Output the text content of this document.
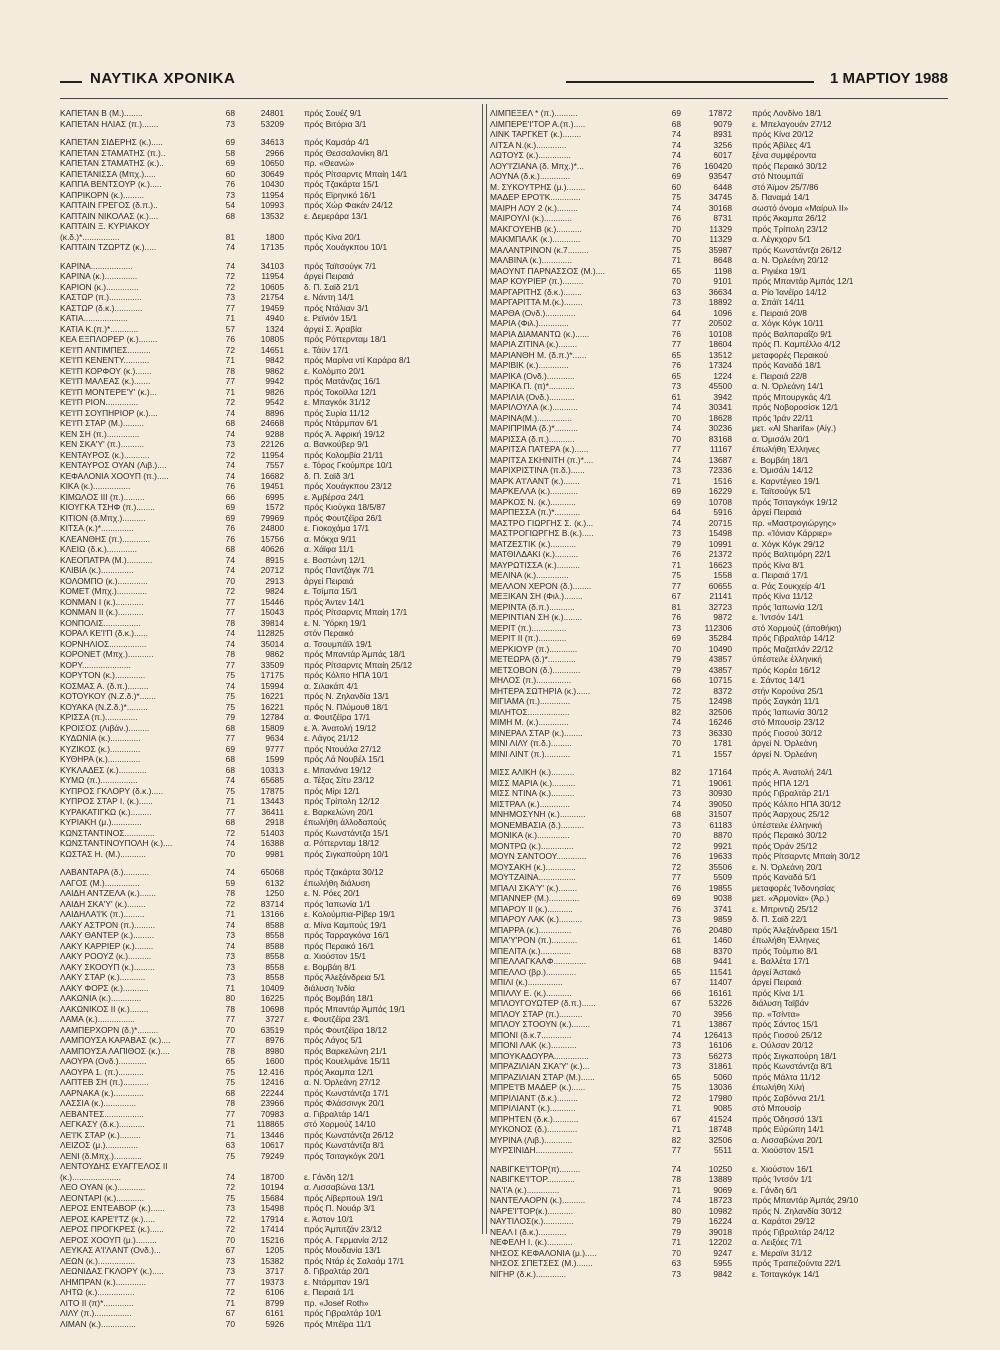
ΝΑΥΤΙΚΑ ΧΡΟΝΙΚΑ	1 ΜΑΡΤΙΟΥ 1988
ΚΑΠΕΤΑΝ Β (Μ.)........	68	24801	πρός Σουέζ 9/1
ΚΑΠΕΤΑΝ ΗΛΙΑΣ (π.).......	73	53209	πρός Βιτόρια 3/1
ΚΑΠΕΤΑΝ ΣΙΔΕΡΗΣ (κ.).....	69	34613	πρός Καμσάρ 4/1
ΚΑΠΕΤΑΝ ΣΤΑΜΑΤΗΣ (π.)..	58	2966	πρός Θεσσαλονίκη 8/1
ΚΑΠΕΤΑΝ ΣΤΑΜΑΤΗΣ (κ.)..	69	10650	πρ. «Θεανώ»
ΚΑΠΕΤΑΝΙΣΣΑ (Μπχ.).....	60	30649	πρός Ρίτσαρντς Μπαίη 14/1
ΚΑΠΠΑ ΒΕΝΤΣΟΥΡ (κ.).....	76	10430	πρός Τζακάρτα 15/1
ΚΑΠΡΙΚΟΡΝ (κ.).........	73	11954	πρός Εϊρηνικό 16/1
ΚΑΠΤΑΙΝ ΓΡΕΓΟΣ (δ.π.)..	54	10993	πρός Χώρ Φακάν 24/12
ΚΑΠΤΑΙΝ ΝΙΚΟΛΑΣ (κ.)....	68	13532	ε. Δεμεράρα 13/1
ΚΑΠΤΑΙΝ Ξ. ΚΥΡΙΑΚΟΥ
(κ.δ.)*................	81	1800	πρός Κίνα 20/1
ΚΑΠΤΑΙΝ ΤΖΩΡΤΖ (κ.).....	74	17135	πρός Χουάγκπου 10/1
ΚΑΡΙΝΑ..................	74	34103	πρός Ταϊτσούγκ 7/1
ΚΑΡΙΝΑ (κ.)..............	72	11954	άργεί Πειραιά
ΚΑΡΙΟΝ (κ.)..............	72	10605	δ. Π. Σαϊδ 21/1
ΚΑΣΤΩΡ (π.)..............	73	21754	ε. Νάντη 14/1
ΚΑΣΤΩΡ (δ.κ.)............	77	19459	πρός Ντάλιαν 3/1
ΚΑΤΙΑ...................	71	4940	ε. Ρεϊνιόν 15/1
ΚΑΤΙΑ Κ.(π.)*............	57	1324	άργεί Σ. Άραβία
ΚΕΑ ΕΞΠΛΟΡΕΡ (κ.)........	76	10805	πρός Ρόττερνταμ 18/1
ΚΕ'Ι'Π ΑΝΤΙΜΠΕΣ..........	72	14651	ε. Τάϋν 17/1
ΚΕ'Ι'Π ΚΕΝΕΝΤΥ...........	71	9842	πρός Μαρίνα ντί Καράρα 8/1
ΚΕ'Ι'Π ΚΟΡΦΟΥ (κ.).......	78	9862	ε. Κολόμπο 20/1
ΚΕ'Ι'Π ΜΑΛΕΑΣ (κ.).......	77	9942	πρός Ματάνζας 16/1
ΚΕ'Ι'Π ΜΟΝΤΕΡΕ'Υ' (κ.)...	71	9826	πρός Τοκοϊλλα 12/1
ΚΕ'Ι'Π ΡΙΟΝ..............	72	9542	ε. Μπαγκόκ 31/12
ΚΕ'Ι'Π ΣΟΥΠΗΡΙΟΡ (κ.)....	74	8896	πρός Συρία 11/12
ΚΕ'Ι'Π ΣΤΑΡ (Μ.).........	68	24668	πρός Ντάρμπαν 6/1
ΚΕΝ ΣΗ (π.)..............	74	9288	πρός Ά. Άφρική 19/12
ΚΕΝ ΣΚΑ'Υ' (π.)..........	73	22126	α. Βανκούβερ 9/1
ΚΕΝΤΑΥΡΟΣ (κ.)...........	72	11954	πρός Κολομβία 21/11
ΚΕΝΤΑΥΡΟΣ ΟΥΑΝ (Λιβ.)....	74	7557	ε. Τόρος Γκούμπρε 10/1
ΚΕΦΑΛΟΝΙΑ ΧΟΟΥΠ (π.).....	74	16682	δ. Π. Σαϊδ 3/1
ΚΙΚΑ (κ.)................	76	19451	πρός Χουάγκπου 23/12
ΚΙΜΩΛΟΣ ΙΙΙ (π.).........	66	6995	ε. Άμβέρσα 24/1
ΚΙΟΥΓΚΑ ΤΣΗΦ (π.)........	69	1572	πρός Κιούγκα 18/5/87
ΚΙΤΙΟΝ (δ.Μπχ.)..........	69	79969	πρός Φουτζέϊρα 26/1
ΚΙΤΣΑ (κ.)*..............	76	24800	ε. Γιοκοχάμα 17/1
ΚΛΕΑΝΘΗΣ (π.)............	76	15756	α. Μόκχα 9/11
ΚΛΕΙΩ (δ.κ.).............	68	40626	α. Χάϊφα 11/1
ΚΛΕΟΠΑΤΡΑ (Μ.)...........	74	8915	ε. Βοστώνη 12/1
ΚΛΙΒΙΑ (κ.)..............	74	20712	πρός Παντζάγκ 7/1
ΚΟΛΟΜΠΟ (κ.).............	70	2913	άργεί Πειραιά
ΚΟΜΕΤ (Μπχ.).............	72	9824	ε. Τσίμπα 15/1
ΚΟΝΜΑΝ Ι (κ.)............	77	15446	πρός Άντεν 14/1
ΚΟΝΜΑΝ ΙΙ (κ.)...........	77	15043	πρός Ρίτσαρντς Μπαίη 17/1
ΚΟΝΠΟΛΙΣ................	78	39814	ε. Ν. Ύόρκη 19/1
ΚΟΡΑΛ ΚΕ'Ι'Π (δ.κ.)......	74	112825	στόν Περαικό
ΚΟΡΝΗΛΙΟΣ................	74	35014	α. Τσουμπάϊλ 19/1
ΚΟΡΟΝΕΤ (Μπχ.)...........	78	9862	πρός Μπαντάρ Άμπάς 18/1
ΚΟΡΥ.....................	77	33509	πρός Ρίτσαρντς Μπαίη 25/12
ΚΟΡΥΤΟΝ (κ.).............	75	17175	πρός Κόλπο ΗΠΑ 10/1
ΚΟΣΜΑΣ Α. (δ.π.).........	74	15994	α. Σιλακάπ 4/1
ΚΟΤΟΥΚΟΥ (Ν.Ζ.δ.)*.......	75	16221	πρός Ν. Ζηλανδία 13/1
ΚΟΥΑΚΑ (Ν.Ζ.δ.)*.........	75	16221	πρός Ν. Πλύμουθ 18/1
ΚΡΙΣΣΑ (π.)..............	79	12784	α. Φουτζέϊρα 17/1
ΚΡΟΙΣΟΣ (Λιβάν.).........	68	15809	ε. Ά. Άνατολή 19/12
ΚΥΔΩΝΙΑ (κ.).............	77	9634	ε. Λάγος 21/12
ΚΥΖΙΚΟΣ (κ.).............	69	9777	πρός Ντουάλα 27/12
ΚΥΘΗΡΑ (κ.)..............	68	1599	πρός Λά Νουβέλ 15/1
ΚΥΚΛΑΔΕΣ (κ.)............	68	10313	ε. Μπανάνα 19/12
ΚΥΜΩ (π.)................	74	65685	α. Τέξας Σίτυ 23/12
ΚΥΠΡΟΣ ΓΚΛΟΡΥ (δ.κ.).....	75	17875	πρός Μίρι 12/1
ΚΥΠΡΟΣ ΣΤΑΡ Ι. (κ.)......	71	13443	πρός Τρίπολη 12/12
ΚΥΡΑΚΑΤΙΓΚΩ (κ.).........	77	36411	ε. Βαρκελώνη 20/1
ΚΥΡΙΑΚΗ (μ.).............	68	2918	έπωλήθη άλλοδαπούς
ΚΩΝΣΤΑΝΤΙΝΟΣ.............	72	51403	πρός Κωνστάντζα 15/1
ΚΩΝΣΤΑΝΤΙΝΟΥΠΟΛΗ (κ.)....	74	16388	α. Ρόττερνταμ 18/12
ΚΩΣΤΑΣ Η. (Μ.)...........	70	9981	πρός Σιγκαπούρη 10/1
ΛΑΒΑΝΤΑΡΑ (δ.)...........	74	65068	πρός Τζακάρτα 30/12
ΛΑΓΟΣ (Μ.)...............	59	6132	έπωλήθη διάλυση
ΛΑΙΔΗ ΑΝΤΖΕΛΑ (κ.).......	78	1250	ε. Ν. Ρόες 20/1
ΛΑΙΔΗ ΣΚΑ'Υ' (κ.)........	72	83714	πρός Ίαπωνία 1/1
ΛΑΙΔΗΛΑ'Ι'Κ (π.).........	71	13166	ε. Κολούμπια-Ρίβερ 19/1
ΛΑΚΥ ΑΣΤΡΟΝ (π.).........	74	8588	α. Μίνα Καμπούς 19/1
ΛΑΚΥ ΘΑΝΤΕΡ (κ.).........	73	8558	πρός Ταρραγκόνα 16/1
ΛΑΚΥ ΚΑΡΡΙΕΡ (κ.)........	74	8588	πρός Περαικό 16/1
ΛΑΚΥ ΡΟΟΥΖ (κ.)..........	73	8558	α. Χιούστον 15/1
ΛΑΚΥ ΣΚΟΟΥΠ (κ.).........	73	8558	ε. Βομβάη 8/1
ΛΑΚΥ ΣΤΑΡ (κ.)...........	73	8558	πρός Άλεξάνδρεια 5/1
ΛΑΚΥ ΦΟΡΣ (κ.)...........	71	10409	διάλυση Ίνδία
ΛΑΚΩΝΙΑ (κ.).............	80	16225	πρός Βομβάη 18/1
ΛΑΚΩΝΙΚΟΣ ΙΙ (κ.)........	78	10698	πρός Μπαντάρ Άμπάς 19/1
ΛΑΜΑ (κ.)................	77	3727	ε. Φουτζέϊρα 23/1
ΛΑΜΠΕΡΧΟΡΝ (δ.)*.........	70	63519	πρός Φουτζέϊρα 18/12
ΛΑΜΠΟΥΣΑ ΚΑΡΑΒΑΣ (κ.)....	77	8976	πρός Λάγος 5/1
ΛΑΜΠΟΥΣΑ ΛΑΠΙΘΟΣ (κ.)....	78	8980	πρός Βαρκελώνη 21/1
ΛΑΟΥΡΑ (Ονδ.)............	65	1600	πρός Κουελιμάνε 15/11
ΛΑΟΥΡΑ 1. (π.)...........	75	12.416	πρός Άκαμπα 12/1
ΛΑΠΤΕΒ ΣΗ (π.)...........	75	12416	α. Ν. Όρλεάνη 27/12
ΛΑΡΝΑΚΑ (κ.).............	68	22244	πρός Κωνστάντζα 17/1
ΛΑΣΣΙΑ (κ.)..............	78	23966	πρός Φλάσσινγκ 20/1
ΛΕΒΑΝΤΕΣ.................	77	70983	α. Γιβραλτάρ 14/1
ΛΕΓΚΑΣΥ (δ.κ.)...........	71	118865	στό Χορμούζ 14/10
ΛΕ'Ι'Κ ΣΤΑΡ (κ.).........	71	13446	πρός Κωνστάντζα 26/12
ΛΕΙΖΟΣ (μ.)..............	63	10617	πρός Κωνστάντζα 8/1
ΛΕΝΙ (δ.Μπχ.)............	75	79249	πρός Τσιταγκόγκ 20/1
ΛΕΝΤΟΥΔΗΣ ΕΥΑΓΓΕΛΟΣ ΙΙ
(κ.).....................	74	18700	ε. Γάνδη 12/1
ΛΕΟ ΟΥΑΝ (κ.)............	72	10194	α. Λισσαβώνα 13/1
ΛΕΟΝΤΑΡΙ (κ.)............	75	15684	πρός Λίβερπουλ 19/1
ΛΕΡΟΣ ΕΝΤΕΑΒΟΡ (κ.)......	73	15498	πρός Π. Νουάρ 3/1
ΛΕΡΟΣ ΚΑΡΕ'Ι'ΤΖ (κ.).....	72	17914	ε. Άστον 10/1
ΛΕΡΟΣ ΠΡΟΓΚΡΕΣ (κ.)......	72	17414	πρός Άμπιτζάν 23/12
ΛΕΡΟΣ ΧΟΟΥΠ (μ.).........	70	15216	πρός Α. Γερμανία 2/12
ΛΕΥΚΑΣ Α'Ι'ΛΑΝΤ (Ονδ.)...	67	1205	πρός Μουδανία 13/1
ΛΕΩΝ (κ.)................	73	15382	πρός Ντάρ ές Σαλαάμ 17/1
ΛΕΩΝΙΔΑΣ ΓΚΛΟΡΥ (κ.).....	73	3717	δ. Γιβραλτάρ 20/1
ΛΗΜΠΡΑΝ (κ.).............	77	19373	ε. Ντάρμπαν 19/1
ΛΗΤΩ (κ.)................	72	6106	ε. Πειραιά 1/1
ΛΙΤΟ ΙΙ (π)*.............	71	8799	πρ. «Josef Roth»
ΛΙΛΥ (π.)................	67	6161	πρός Γιβραλτάρ 10/1
ΛΙΜΑΝ (κ.)...............	70	5926	πρός Μπέϊρα 11/1
ΛΙΜΠΕΞΕΛ * (π.)..........	69	17872	πρός Λονδίνο 18/1
ΛΙΜΠΕΡΕ'Ι'ΤΟΡ Α.(π.).....	68	9079	ε. Μπελαγουάν 27/12
ΛΙΝΚ ΤΑΡΓΚΕΤ (κ.)........	74	8931	πρός Κίνα 20/12
ΛΙΤΣΑ Ν.(κ.).............	74	3256	πρός Άβίλες 4/1
ΛΩΤΟΥΣ (κ.)..............	74	6017	ξένα συμφέροντα
ΛΟΥ'Ι'ΖΙΑΝΑ (δ. Μπχ.)*...	76	160420	πρός Περαικό 30/12
ΛΟΥΝΑ (δ.κ.).............	69	93547	στό Ντουμπάϊ
Μ. ΣΥΚΟΥΤΡΗΣ (μ.)........	60	6448	στό Άϊμον 25/7/86
ΜΑΔΕΡ ΕΡΟ'Ι'Κ.............	75	34745	δ. Παναμά 14/1
ΜΑΙΡΗ ΛΟΥ 2 (κ.).........	74	30168	σωστό όνομα «Μαίρυλ ΙΙ»
ΜΑΙΡΟΥΛΙ (κ.)............	76	8731	πρός Άκαμπα 26/12
ΜΑΚΓΟΥΕΗΒ (κ.)...........	70	11329	πρός Τρίπολη 23/12
ΜΑΚΜΠΑΛΚ (κ.)............	70	11329	α. Λέγκχορν 5/1
ΜΑΛΑΝΤΡΙΝΟΝ (κ.7.........	75	35987	πρός Κωνστάντζα 26/12
ΜΑΛΒΙΝΑ (κ.).............	71	8648	α. Ν. Όρλεάνη 20/12
ΜΑΟΥΝΤ ΠΑΡΝΑΣΣΟΣ (Μ.)....	65	1198	α. Ριγιέκα 19/1
ΜΑΡ ΚΟΥΡΙΕΡ (π.).........	70	9101	πρός Μπαντάρ Άμπάς 12/1
ΜΑΡΓΑΡΙΤΗΣ (δ.κ.)........	63	36634	α. Ρίο Ίανέϊρο 14/12
ΜΑΡΓΑΡΙΤΤΑ Μ.(κ.)........	73	18892	α. Σπάϊτ 14/11
ΜΑΡΘΑ (Ονδ.).............	64	1096	ε. Πειραιά 20/8
ΜΑΡΙΑ (Φιλ.).............	77	20502	α. Χόγκ Κόγκ 10/11
ΜΑΡΙΑ ΔΙΑΜΑΝΤΩ (κ.)......	76	10108	πρός Βαλπαραΐζο 9/1
ΜΑΡΙΑ ΖΙΤΙΝΑ (κ.)........	77	18604	πρός Π. Καμπέλλο 4/12
ΜΑΡΙΑΝΘΗ Μ. (δ.π.)*......	65	13512	μεταφορές Περαικού
ΜΑΡΙΒΙΚ (κ.).............	76	17324	πρός Καναδά 18/1
ΜΑΡΙΚΑ (Ονδ.)............	65	1224	ε. Πειραιά 22/8
ΜΑΡΙΚΑ Π. (π)*...........	73	45500	α. Ν. Όρλεάνη 14/1
ΜΑΡΙΛΙΑ (Ονδ.)...........	61	3942	πρός Μπουργκάς 4/1
ΜΑΡΙΛΟΥΛΑ (κ.)...........	74	30341	πρός Νοβοροσίσκ 12/1
ΜΑΡΙΝΑ(Μ.)...............	70	18628	πρός Ίράν 22/11
ΜΑΡΙΠΡΙΜΑ (δ.)*..........	74	30236	μετ. «Al Sharifa» (Αίγ.)
ΜΑΡΙΣΣΑ (δ.π.)...........	70	83168	α. Όμισάλι 20/1
ΜΑΡΙΤΣΑ ΠΑΤΕΡΑ (κ.)......	77	11167	έπωλήθη Έλληνες
ΜΑΡΙΤΣΑ ΣΚΗΝΙΤΗ (π.)*....	74	13687	ε. Βομβάη 18/1
ΜΑΡΙΧΡΙΣΤΙΝΑ (π.δ.)......	73	72336	ε. Όμισάλι 14/12
ΜΑΡΚ Α'Ι'ΛΑΝΤ (κ.).......	71	1516	ε. Καρντέγιεο 19/1
ΜΑΡΚΕΛΛΑ (κ.)............	69	16229	ε. Ταϊτσούγκ 5/1
ΜΑΡΚΟΣ Ν. (κ.)...........	69	10708	πρός Τσιταγκόγκ 19/12
ΜΑΡΠΕΣΣΑ (π.)*...........	64	5916	άργεί Πειραιά
ΜΑΣΤΡΟ ΓΙΩΡΓΗΣ Σ. (κ.)...	74	20715	πρ. «Μαστρογιώργης»
ΜΑΣΤΡΟΓΙΩΡΓΗΣ Β.(κ.).....	73	15498	πρ. «Ίόνιαν Κάρριερ»
ΜΑΤΖΕΣΤΙΚ (κ.)...........	79	10991	α. Χόγκ Κόγκ 29/12
ΜΑΤΘΙΛΔΑΚΙ (κ.)..........	76	21372	πρός Βαλτιμόρη 22/1
ΜΑΥΡΩΤΙΣΣΑ (κ.)..........	71	16623	πρός Κίνα 8/1
ΜΕΛΙΝΑ (κ.)..............	75	1558	α. Πειραιά 17/1
ΜΕΛΛΟΝ ΧΕΡΟΝ (δ.)........	77	60655	α. Ράς Σουκχείρ 4/1
ΜΕΞΙΚΑΝ ΣΗ (Φιλ.)........	67	21141	πρός Κίνα 11/12
ΜΕΡΙΝΤΑ (δ.π.)...........	81	32723	πρός Ίαπωνία 12/1
ΜΕΡΙΝΤΙΑΝ ΣΗ (κ.)........	76	9872	ε. Ίντσόν 14/1
ΜΕΡΙΤ (π.)...............	73	112306	στό Χορμούζ (άποθήκη)
ΜΕΡΙΤ ΙΙ (π.)............	69	35284	πρός Γιβραλτάρ 14/12
ΜΕΡΚΙΟΥΡ (π.)............	70	10490	πρός Μαζατλάν 22/12
ΜΕΤΕΩΡΑ (δ.)*............	79	43857	ύπέστειλε έλληνική
ΜΕΤΣΟΒΟΝ (δ.)............	79	43857	πρός Κορέα 16/12
ΜΗΛΟΣ (π.)...............	66	10715	ε. Σάντος 14/1
ΜΗΤΕΡΑ ΣΩΤΗΡΙΑ (κ.)......	72	8372	στήν Κορούνα 25/1
ΜΙΓΙΑΜΑ (π.).............	75	12498	πρός Σαγκάη 11/1
ΜΙΛΗΤΟΣ..................	82	32506	πρός Ίαπωνία 30/12
ΜΙΜΗ Μ. (κ.).............	74	16246	στό Μπουσίρ 23/12
ΜΙΝΕΡΑΛ ΣΤΑΡ (κ.)........	73	36330	πρός Γιοσού 30/12
ΜΙΝΙ ΛΙΛΥ (π.δ.).........	70	1781	άργεί Ν. Όρλεάνη
ΜΙΝΙ ΛΙΝΤ (π.)...........	71	1557	άργεί Ν. Όρλεάνη
ΜΙΣΣ ΑΛΙΚΗ (κ.)..........	82	17164	πρός Α. Άνατολή 24/1
ΜΙΣΣ ΜΑΡΙΑ (κ.)..........	71	19061	πρός ΗΠΑ 12/1
ΜΙΣΣ ΝΤΙΝΑ (κ.)..........	73	30930	πρός Γιβραλτάρ 21/1
ΜΙΣΤΡΑΛ (κ.).............	74	39050	πρός Κόλπο ΗΠΑ 30/12
ΜΝΗΜΟΣΥΝΗ (κ.)...........	68	31507	πρός Άαρχους 25/12
ΜΟΝΕΜΒΑΣΙΑ (δ.)..........	73	61183	ύπέστειλε έλληνική
ΜΟΝΙΚΑ (κ.)..............	70	8870	πρός Περαικό 30/12
ΜΟΝΤΡΩ (κ.)..............	72	9921	πρός Όράν 25/12
ΜΟΥΝ ΣΑΝΤΟΟΥ.............	76	19633	πρός Ρίτσαρντς Μπαίη 30/12
ΜΟΥΣΑΚΗ (κ.).............	72	35506	ε. Ν. Όρλεάνη 20/1
ΜΟΥΤΖΑΙΝΑ................	77	5509	πρός Καναδά 5/1
ΜΠΑΛΙ ΣΚΑ'Υ' (κ.)........	76	19855	μεταφορές Ίνδονησίας
ΜΠΑΝΝΕΡ (Μ.).............	69	9038	μετ. «Άρμονία» (Άρ.)
ΜΠΑΡΟΥ ΙΙ (κ.)...........	76	3741	ε. Μπριντιζι 25/12
ΜΠΑΡΟΥ ΛΑΚ (κ.)..........	73	9859	δ. Π. Σαϊδ 22/1
ΜΠΑΡΡΑ (κ.)..............	76	20480	πρός Άλεξάνδρεια 15/1
ΜΠΑ'Υ'ΡΟΝ (π.)...........	61	1460	έπωλήθη Έλληνες
ΜΠΕΛΙΤΑ (κ.).............	68	8370	πρός Τούμπιο 8/1
ΜΠΕΛΛΑΓΚΑΛΦ..............	68	9441	ε. Βαλλέτα 17/1
ΜΠΕΛΛΟ (βρ.).............	65	11541	άργεί Άστακό
ΜΠΙΛΙ (κ.)...............	67	11407	άργεί Πειραιά
ΜΠΙΛΛΥ Ε. (κ.)...........	66	16161	πρός Κίνα 1/1
ΜΠΛΟΥΓΟΥΩΤΕΡ (δ.π.)......	67	53226	διάλυση Ταϊβάν
ΜΠΛΟΥ ΣΤΑΡ (π.)..........	70	3956	πρ. «Τσίντα»
ΜΠΛΟΥ ΣΤΟΟΥΝ (κ.)........	71	13867	πρός Σάντος 15/1
ΜΠΟΝΙ (δ.κ.7.............	74	126413	πρός Γιοσού 25/12
ΜΠΟΝΙ ΛΑΚ (κ.)...........	73	16106	ε. Ούλσαν 20/12
ΜΠΟΥΚΑΔΟΥΡΑ...............	73	56273	πρός Σιγκαπούρη 18/1
ΜΠΡΑΖΙΛΙΑΝ ΣΚΑ'Υ' (κ.)...	73	31861	πρός Κωνστάντζα 8/1
ΜΠΡΑΖΙΛΙΑΝ ΣΤΑΡ (Μ.)......	65	5060	πρός Μάλτα 11/12
ΜΠΡΕ'Ι'Β ΜΑΔΕΡ (κ.)......	75	13036	έπωλήθη Χιλή
ΜΠΡΙΛΙΑΝΤ (δ.κ.).........	72	17980	πρός Σαβόννα 21/1
ΜΠΡΙΛΙΑΝΤ (κ.)...........	71	9085	στό Μπουσίρ
ΜΠΡΗΤΕΝ (δ.κ.)...........	67	41524	πρός Όδησσό 13/1
ΜΥΚΟΝΟΣ (δ.).............	71	18748	πρός Εύρώπη 14/1
ΜΥΡΙΝΑ (Λιβ.)............	82	32506	α. Λισσαβώνα 20/1
ΜΥΡΣΙΝΙΔΗ................	77	5511	α. Χιούστον 15/1
ΝΑΒΙΓΚΕ'Ι'ΤΟΡ(π).........	74	10250	ε. Χιούστον 16/1
ΝΑΒΙΓΚΕ'Ι'ΤΟΡ............	78	13889	πρός Ίντσόν 1/1
ΝΑ'Ι'Α (κ.)..............	71	9069	ε. Γάνδη 6/1
ΝΑΝΤΕΛΑΟΡΝ (κ.)..........	74	18723	πρός Μπαντάρ Άμπάς 29/10
ΝΑΡΕ'Ι'ΤΟΡ(κ.)...........	80	10982	πρός Ν. Ζηλανδία 30/12
ΝΑΥΤΙΛΟΣ(κ.).............	79	16224	α. Καράτσι 29/12
ΝΕΑΛ Ι (δ.κ.)............	79	39018	πρός Γιβραλτάρ 24/12
ΝΕΦΕΛΗ Ι. (κ.)...........	71	12202	α. Λειξόες 7/1
ΝΗΣΟΣ ΚΕΦΑΛΟΝΙΑ (μ.).....	70	9247	ε. Μεραϊνι 31/12
ΝΗΣΟΣ ΣΠΕΤΣΕΣ (Μ.).......	63	5955	πρός Τραπεζούντα 22/1
ΝΙΓΗΡ (δ.κ.).............	73	9842	ε. Τσιταγκόγκ 14/1
